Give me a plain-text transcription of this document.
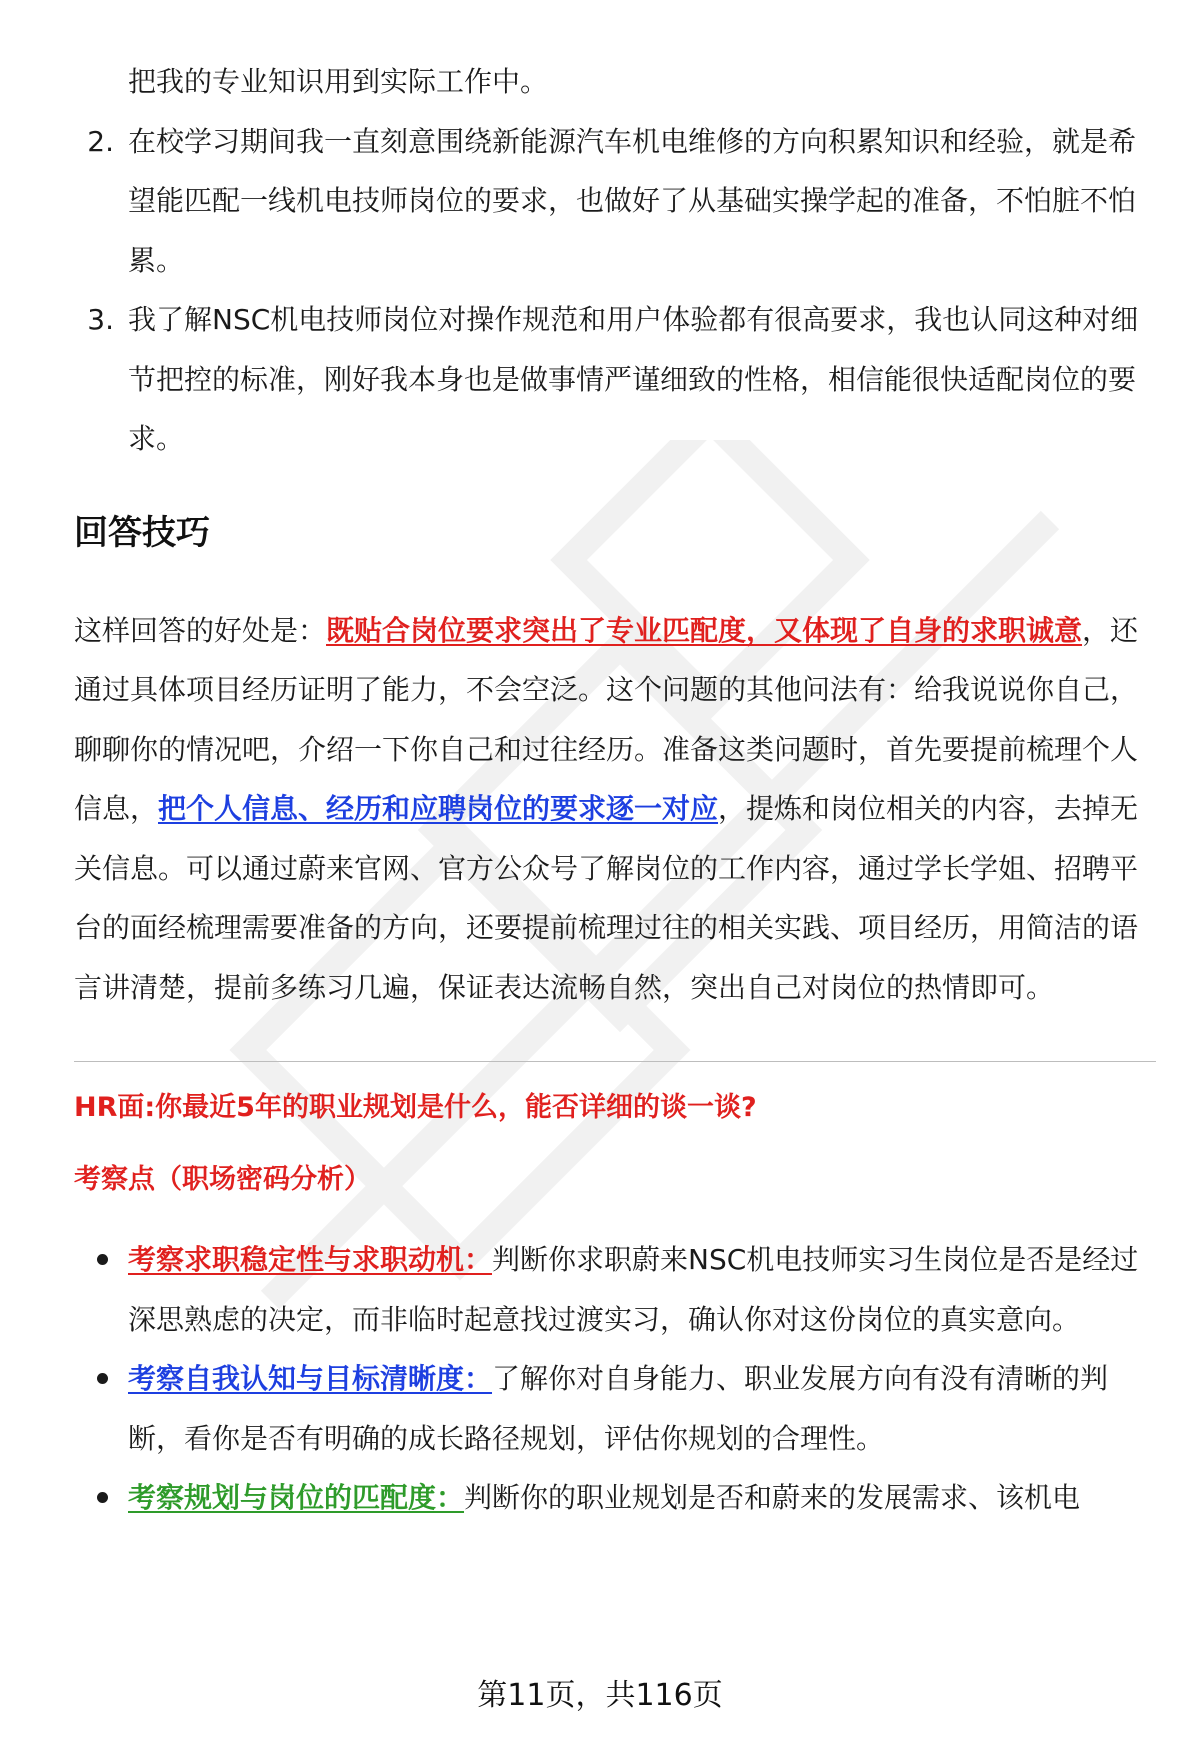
把我的专业知识用到实际工作中。
2. 在校学习期间我一直刻意围绕新能源汽车机电维修的方向积累知识和经验，就是希望能匹配一线机电技师岗位的要求，也做好了从基础实操学起的准备，不怕脏不怕累。
3. 我了解NSC机电技师岗位对操作规范和用户体验都有很高要求，我也认同这种对细节把控的标准，刚好我本身也是做事情严谨细致的性格，相信能很快适配岗位的要求。
回答技巧

这样回答的好处是：既贴合岗位要求突出了专业匹配度，又体现了自身的求职诚意，还通过具体项目经历证明了能力，不会空泛。这个问题的其他问法有：给我说说你自己，聊聊你的情况吧，介绍一下你自己和过往经历。准备这类问题时，首先要提前梳理个人信息，把个人信息、经历和应聘岗位的要求逐一对应，提炼和岗位相关的内容，去掉无关信息。可以通过蔚来官网、官方公众号了解岗位的工作内容，通过学长学姐、招聘平台的面经梳理需要准备的方向，还要提前梳理过往的相关实践、项目经历，用简洁的语言讲清楚，提前多练习几遍，保证表达流畅自然，突出自己对岗位的热情即可。

HR面:你最近5年的职业规划是什么，能否详细的谈一谈?

考察点（职场密码分析）

考察求职稳定性与求职动机：判断你求职蔚来NSC机电技师实习生岗位是否是经过深思熟虑的决定，而非临时起意找过渡实习，确认你对这份岗位的真实意向。
考察自我认知与目标清晰度：了解你对自身能力、职业发展方向有没有清晰的判断，看你是否有明确的成长路径规划，评估你规划的合理性。
考察规划与岗位的匹配度：判断你的职业规划是否和蔚来的发展需求、该机电
第11页，共116页
